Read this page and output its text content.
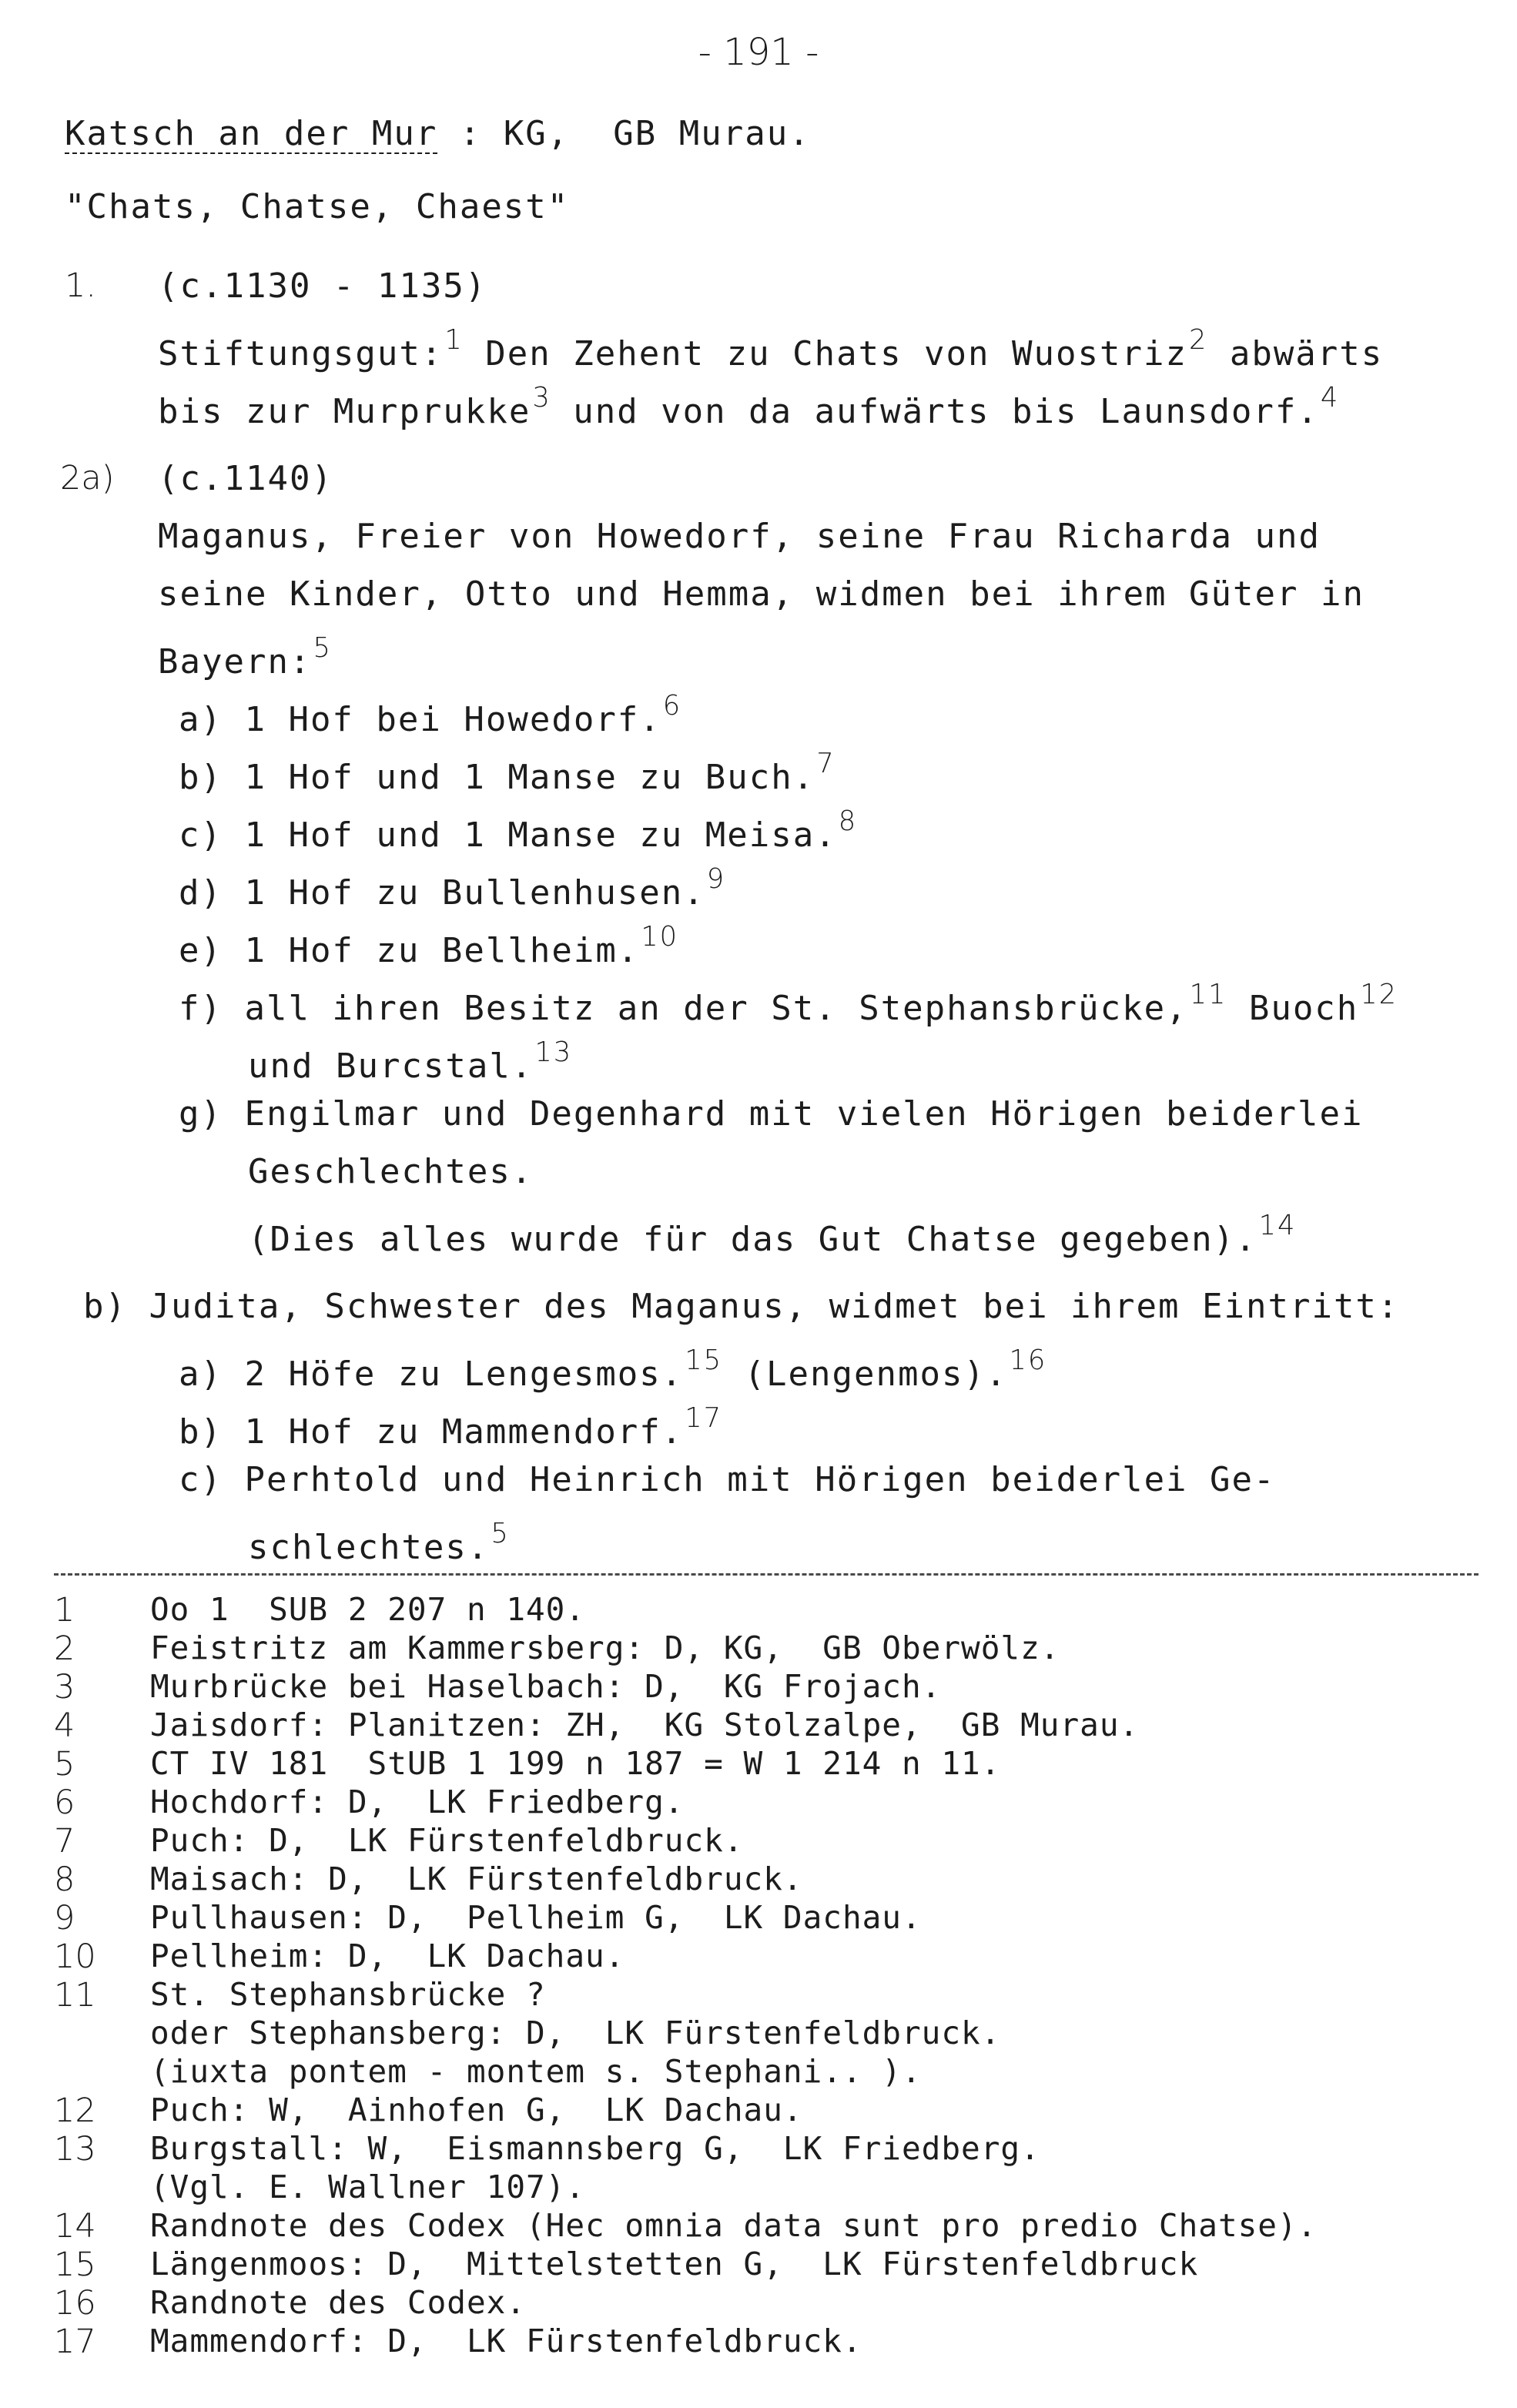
- 191 -
Katsch an der Mur : KG,  GB Murau.
"Chats, Chatse, Chaest"
1. (c.1130 - 1135)
Stiftungsgut:$^1$ Den Zehent zu Chats von Wuostriz$^2$ abwärts
bis zur Murprukke$^3$ und von da aufwärts bis Launsdorf.$^4$
2a) (c.1140)
Maganus, Freier von Howedorf, seine Frau Richarda und
seine Kinder, Otto und Hemma, widmen bei ihrem Güter in
Bayern:$^5$
a) 1 Hof bei Howedorf.$^6$
b) 1 Hof und 1 Manse zu Buch.$^7$
c) 1 Hof und 1 Manse zu Meisa.$^8$
d) 1 Hof zu Bullenhusen.$^9$
e) 1 Hof zu Bellheim.$^{10}$
f) all ihren Besitz an der St. Stephansbrücke,$^{11}$ Buoch$^{12}$
und Burcstal.$^{13}$
g) Engilmar und Degenhard mit vielen Hörigen beiderlei
Geschlechtes.
(Dies alles wurde für das Gut Chatse gegeben).$^{14}$
b) Judita, Schwester des Maganus, widmet bei ihrem Eintritt:
a) 2 Höfe zu Lengesmos.$^{15}$ (Lengenmos).$^{16}$
b) 1 Hof zu Mammendorf.$^{17}$
c) Perhtold und Heinrich mit Hörigen beiderlei Ge-
schlechtes.$^5$
1 Oo 1  SUB 2 207 n 140.
2 Feistritz am Kammersberg: D, KG,  GB Oberwölz.
3 Murbrücke bei Haselbach: D,  KG Frojach.
4 Jaisdorf: Planitzen: ZH,  KG Stolzalpe,  GB Murau.
5 CT IV 181  StUB 1 199 n 187 = W 1 214 n 11.
6 Hochdorf: D,  LK Friedberg.
7 Puch: D,  LK Fürstenfeldbruck.
8 Maisach: D,  LK Fürstenfeldbruck.
9 Pullhausen: D,  Pellheim G,  LK Dachau.
10 Pellheim: D,  LK Dachau.
11 St. Stephansbrücke ?
oder Stephansberg: D,  LK Fürstenfeldbruck.
(iuxta pontem - montem s. Stephani.. ).
12 Puch: W,  Ainhofen G,  LK Dachau.
13 Burgstall: W,  Eismannsberg G,  LK Friedberg.
(Vgl. E. Wallner 107).
14 Randnote des Codex (Hec omnia data sunt pro predio Chatse).
15 Längenmoos: D,  Mittelstetten G,  LK Fürstenfeldbruck
16 Randnote des Codex.
17 Mammendorf: D,  LK Fürstenfeldbruck.
